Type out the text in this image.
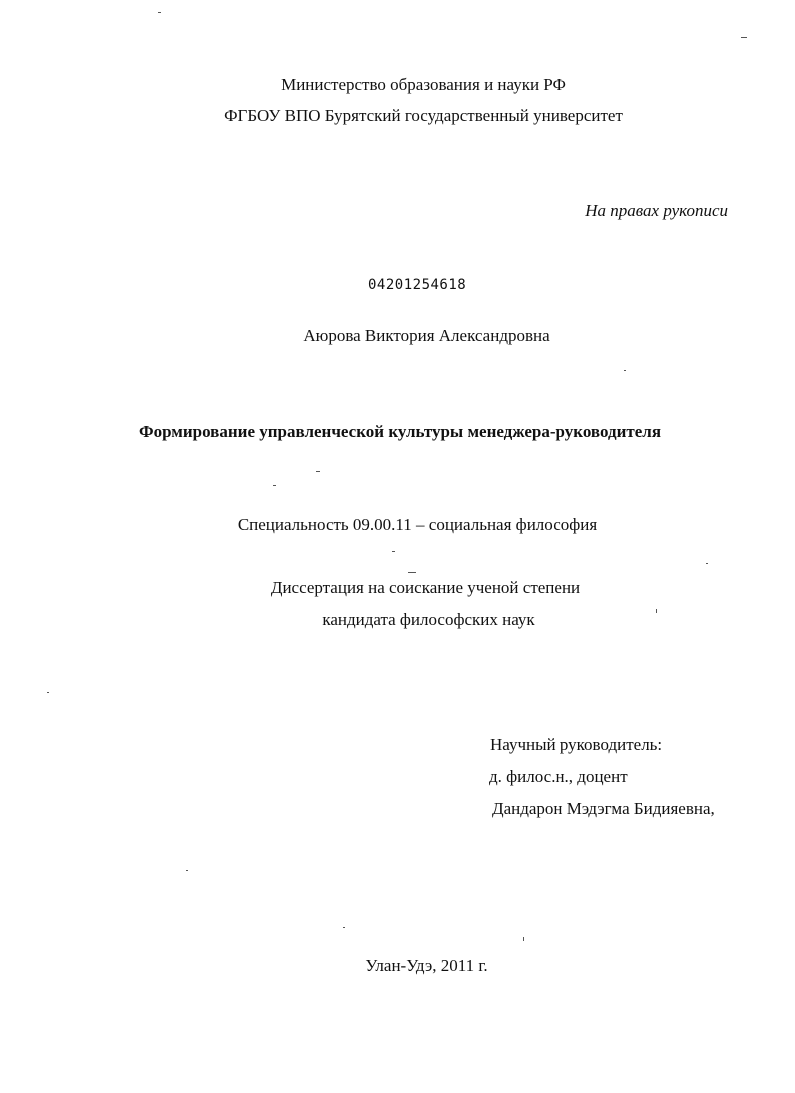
Министерство образования и науки РФ
ФГБОУ ВПО Бурятский государственный университет
На правах рукописи
04201254618
Аюрова Виктория Александровна
Формирование управленческой культуры менеджера-руководителя
Специальность 09.00.11 – социальная философия
Диссертация на соискание ученой степени
кандидата философских наук
Научный руководитель:
д. филос.н., доцент
Дандарон Мэдэгма Бидияевна,
Улан-Удэ, 2011 г.
